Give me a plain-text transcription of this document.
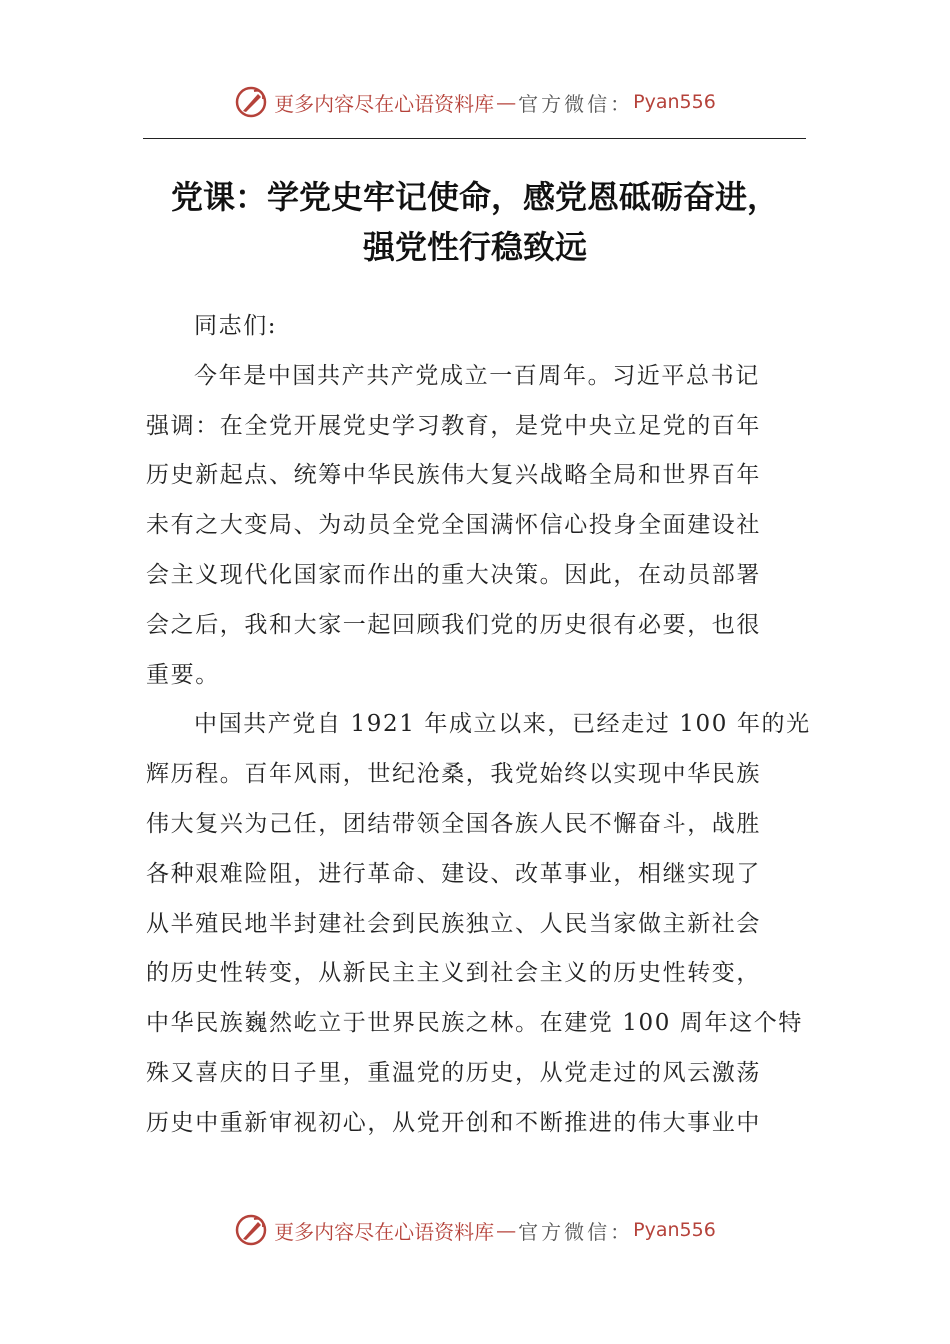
更多内容尽在心语资料库 — 官方微信： Pyan556
党课：学党史牢记使命，感党恩砥砺奋进，
强党性行稳致远
同志们:
今年是中国共产共产党成立一百周年。习近平总书记
强调：在全党开展党史学习教育，是党中央立足党的百年
历史新起点、统筹中华民族伟大复兴战略全局和世界百年
未有之大变局、为动员全党全国满怀信心投身全面建设社
会主义现代化国家而作出的重大决策。因此，在动员部署
会之后，我和大家一起回顾我们党的历史很有必要，也很
重要。
中国共产党自 1921 年成立以来，已经走过 100 年的光
辉历程。百年风雨，世纪沧桑，我党始终以实现中华民族
伟大复兴为己任，团结带领全国各族人民不懈奋斗，战胜
各种艰难险阻，进行革命、建设、改革事业，相继实现了
从半殖民地半封建社会到民族独立、人民当家做主新社会
的历史性转变，从新民主主义到社会主义的历史性转变，
中华民族巍然屹立于世界民族之林。在建党 100 周年这个特
殊又喜庆的日子里，重温党的历史，从党走过的风云激荡
历史中重新审视初心，从党开创和不断推进的伟大事业中
更多内容尽在心语资料库 — 官方微信： Pyan556
